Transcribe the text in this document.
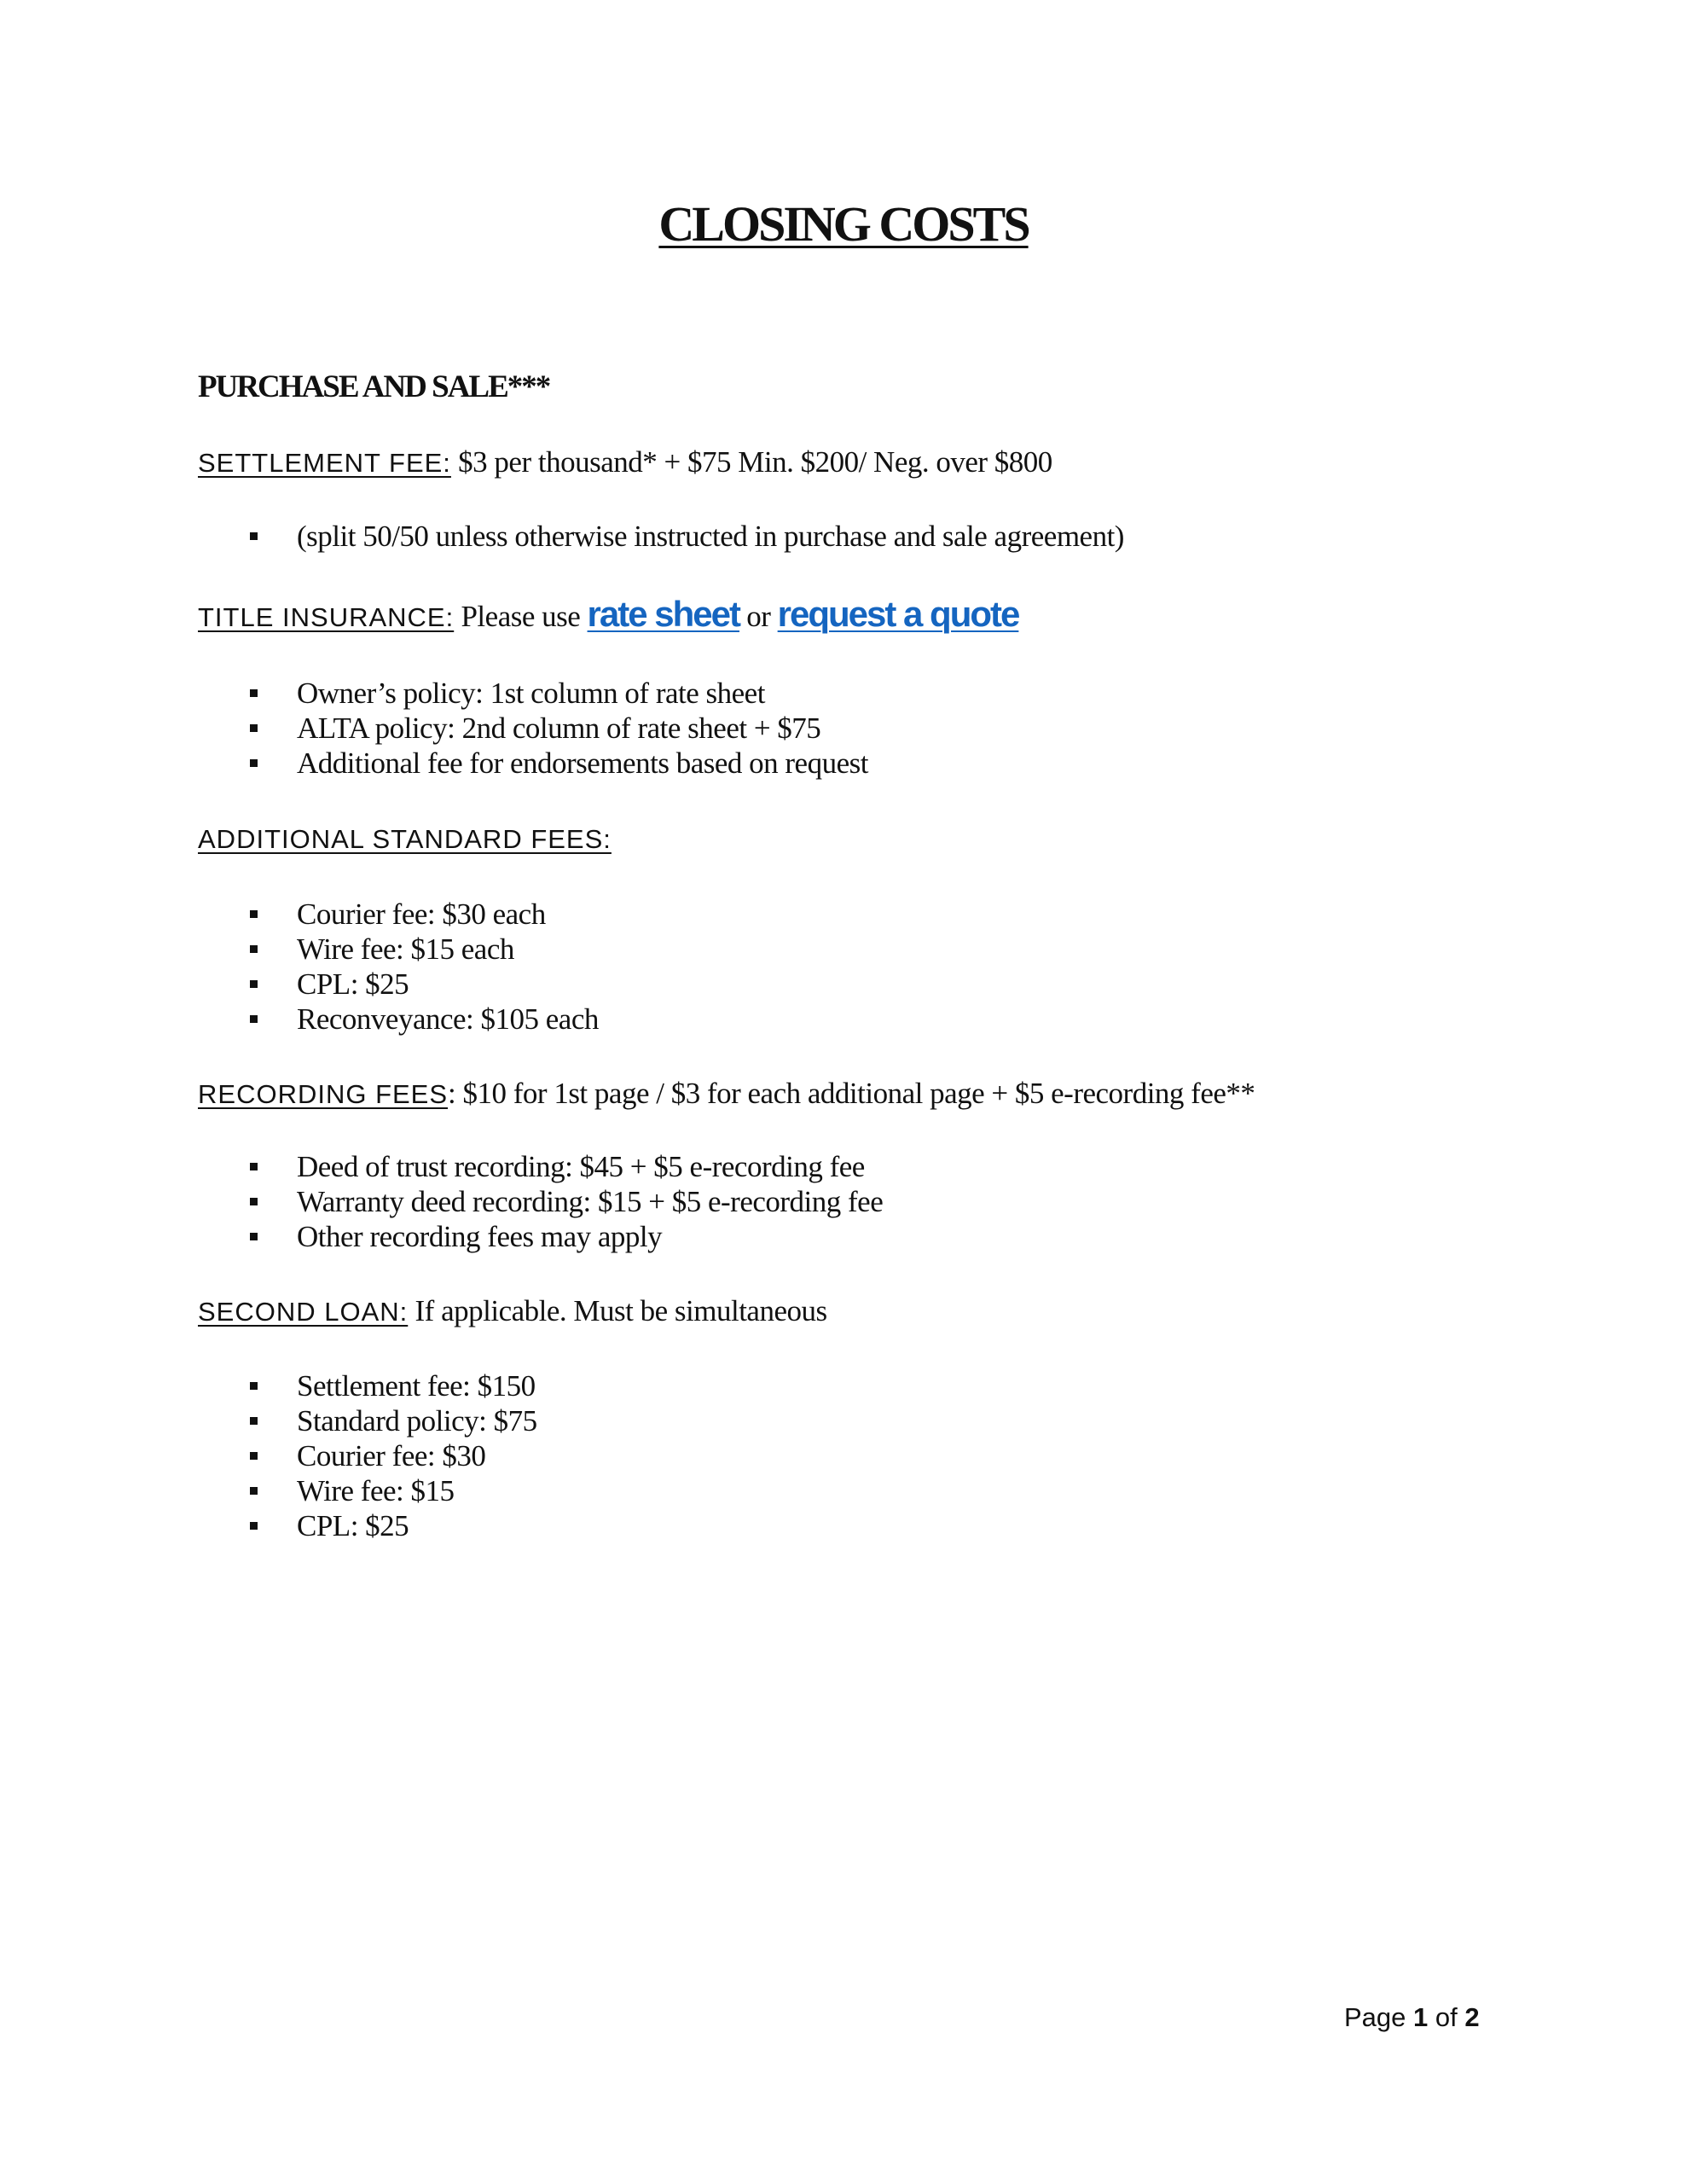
CLOSING COSTS
PURCHASE AND SALE***
SETTLEMENT FEE: $3 per thousand* + $75 Min. $200/ Neg. over $800
(split 50/50 unless otherwise instructed in purchase and sale agreement)
TITLE INSURANCE: Please use rate sheet or request a quote
Owner’s policy: 1st column of rate sheet
ALTA policy: 2nd column of rate sheet + $75
Additional fee for endorsements based on request
ADDITIONAL STANDARD FEES:
Courier fee: $30 each
Wire fee: $15 each
CPL: $25
Reconveyance: $105 each
RECORDING FEES: $10 for 1st page / $3 for each additional page + $5 e-recording fee**
Deed of trust recording: $45 + $5 e-recording fee
Warranty deed recording: $15 + $5 e-recording fee
Other recording fees may apply
SECOND LOAN: If applicable. Must be simultaneous
Settlement fee: $150
Standard policy: $75
Courier fee: $30
Wire fee: $15
CPL: $25
Page 1 of 2
